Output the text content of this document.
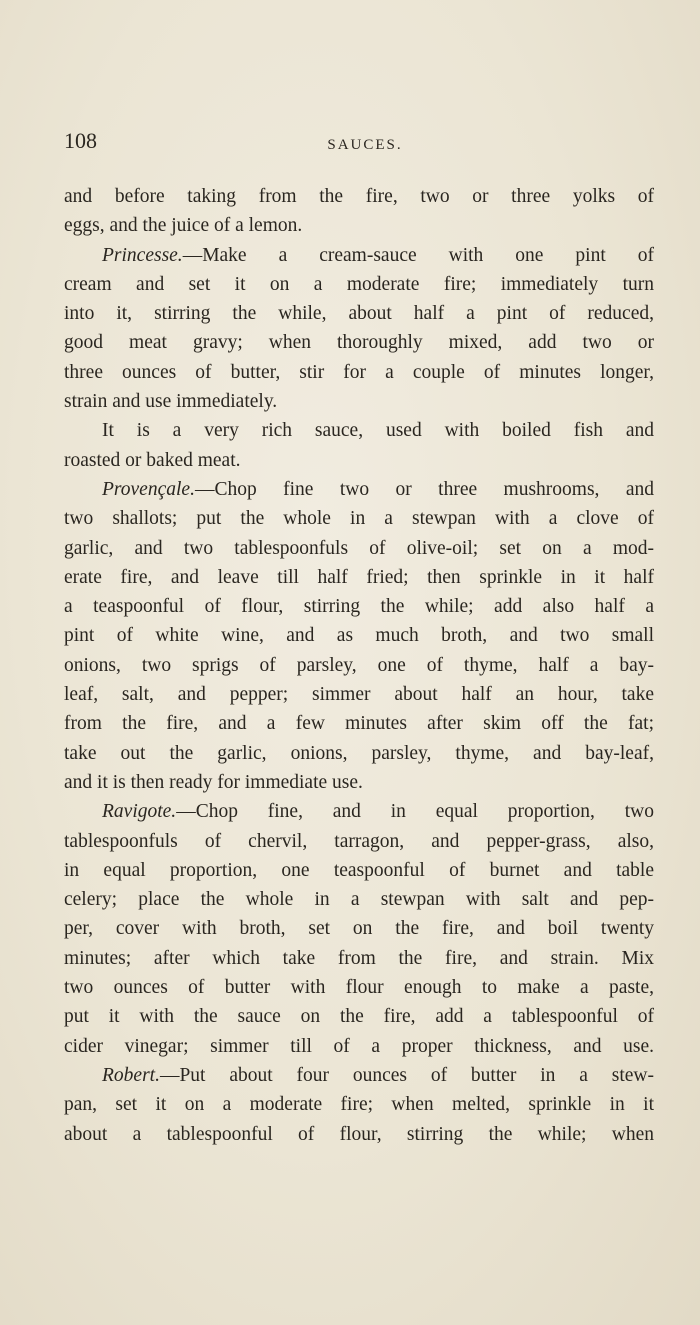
108	SAUCES.
and before taking from the fire, two or three yolks of
eggs, and the juice of a lemon.
Princesse.—Make a cream-sauce with one pint of
cream and set it on a moderate fire; immediately turn
into it, stirring the while, about half a pint of reduced,
good meat gravy; when thoroughly mixed, add two or
three ounces of butter, stir for a couple of minutes longer,
strain and use immediately.
It is a very rich sauce, used with boiled fish and
roasted or baked meat.
Provençale.—Chop fine two or three mushrooms, and
two shallots; put the whole in a stewpan with a clove of
garlic, and two tablespoonfuls of olive-oil; set on a mod-
erate fire, and leave till half fried; then sprinkle in it half
a teaspoonful of flour, stirring the while; add also half a
pint of white wine, and as much broth, and two small
onions, two sprigs of parsley, one of thyme, half a bay-
leaf, salt, and pepper; simmer about half an hour, take
from the fire, and a few minutes after skim off the fat;
take out the garlic, onions, parsley, thyme, and bay-leaf,
and it is then ready for immediate use.
Ravigote.—Chop fine, and in equal proportion, two
tablespoonfuls of chervil, tarragon, and pepper-grass, also,
in equal proportion, one teaspoonful of burnet and table
celery; place the whole in a stewpan with salt and pep-
per, cover with broth, set on the fire, and boil twenty
minutes; after which take from the fire, and strain. Mix
two ounces of butter with flour enough to make a paste,
put it with the sauce on the fire, add a tablespoonful of
cider vinegar; simmer till of a proper thickness, and use.
Robert.—Put about four ounces of butter in a stew-
pan, set it on a moderate fire; when melted, sprinkle in it
about a tablespoonful of flour, stirring the while; when
